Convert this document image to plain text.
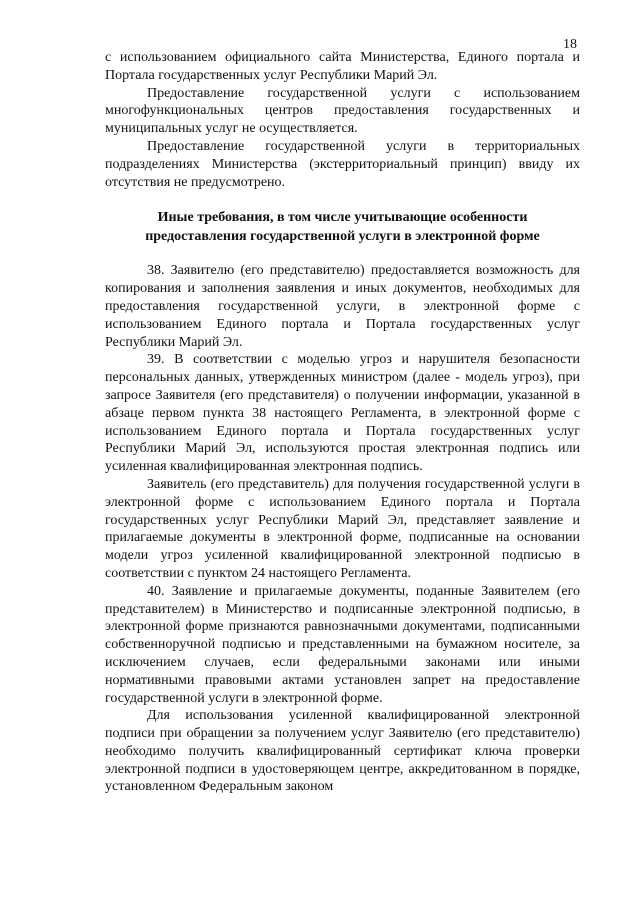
18

с использованием официального сайта Министерства, Единого портала и Портала государственных услуг Республики Марий Эл.

Предоставление государственной услуги с использованием многофункциональных центров предоставления государственных и муниципальных услуг не осуществляется.

Предоставление государственной услуги в территориальных подразделениях Министерства (экстерриториальный принцип) ввиду их отсутствия не предусмотрено.

Иные требования, в том числе учитывающие особенности
предоставления государственной услуги в электронной форме

38. Заявителю (его представителю) предоставляется возможность для копирования и заполнения заявления и иных документов, необходимых для предоставления государственной услуги, в электронной форме с использованием Единого портала и Портала государственных услуг Республики Марий Эл.

39. В соответствии с моделью угроз и нарушителя безопасности персональных данных, утвержденных министром (далее - модель угроз), при запросе Заявителя (его представителя) о получении информации, указанной в абзаце первом пункта 38 настоящего Регламента, в электронной форме с использованием Единого портала и Портала государственных услуг Республики Марий Эл, используются простая электронная подпись или усиленная квалифицированная электронная подпись.

Заявитель (его представитель) для получения государственной услуги в электронной форме с использованием Единого портала и Портала государственных услуг Республики Марий Эл, представляет заявление и прилагаемые документы в электронной форме, подписанные на основании модели угроз усиленной квалифицированной электронной подписью в соответствии с пунктом 24 настоящего Регламента.

40. Заявление и прилагаемые документы, поданные Заявителем (его представителем) в Министерство и подписанные электронной подписью, в электронной форме признаются равнозначными документами, подписанными собственноручной подписью и представленными на бумажном носителе, за исключением случаев, если федеральными законами или иными нормативными правовыми актами установлен запрет на предоставление государственной услуги в электронной форме.

Для использования усиленной квалифицированной электронной подписи при обращении за получением услуг Заявителю (его представителю) необходимо получить квалифицированный сертификат ключа проверки электронной подписи в удостоверяющем центре, аккредитованном в порядке, установленном Федеральным законом
